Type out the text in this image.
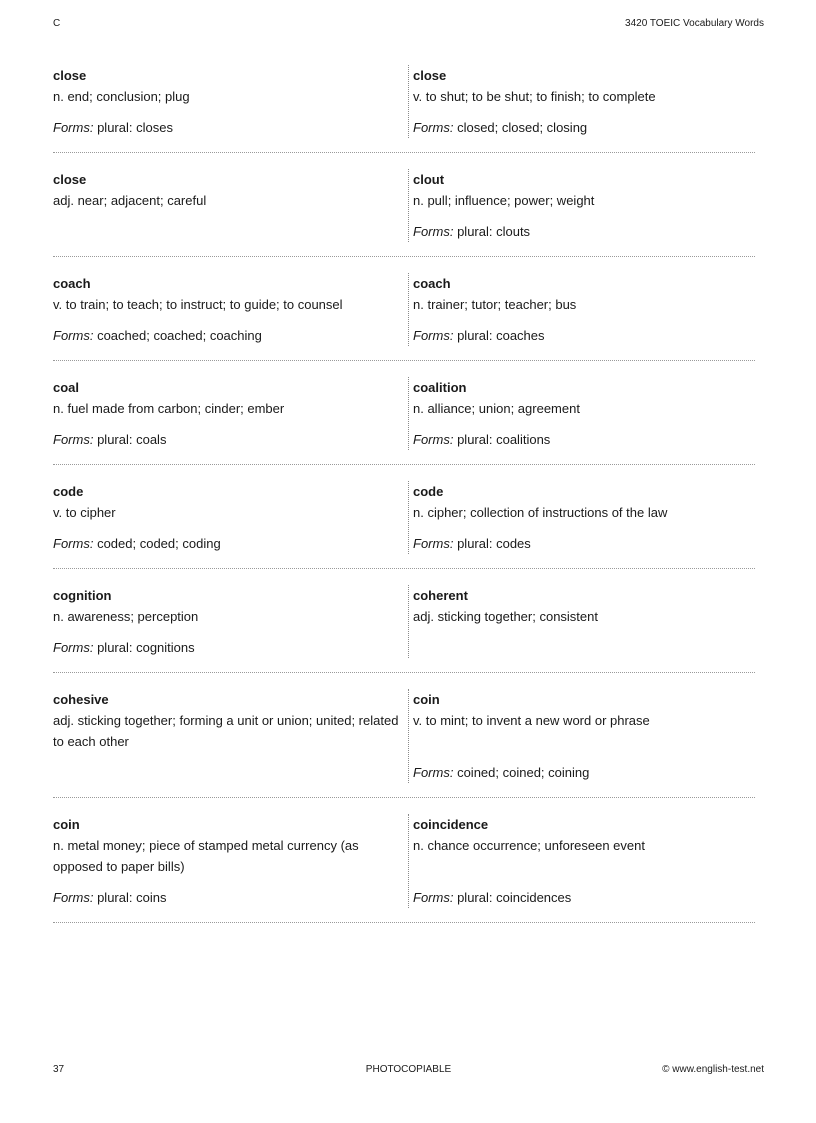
C	3420 TOEIC Vocabulary Words
close
n. end; conclusion; plug
Forms: plural: closes
close
v. to shut; to be shut; to finish; to complete
Forms: closed; closed; closing
close
adj. near; adjacent; careful
clout
n. pull; influence; power; weight
Forms: plural: clouts
coach
v. to train; to teach; to instruct; to guide; to counsel
Forms: coached; coached; coaching
coach
n. trainer; tutor; teacher; bus
Forms: plural: coaches
coal
n. fuel made from carbon; cinder; ember
Forms: plural: coals
coalition
n. alliance; union; agreement
Forms: plural: coalitions
code
v. to cipher
Forms: coded; coded; coding
code
n. cipher; collection of instructions of the law
Forms: plural: codes
cognition
n. awareness; perception
Forms: plural: cognitions
coherent
adj. sticking together; consistent
cohesive
adj. sticking together; forming a unit or union; united; related to each other
coin
v. to mint; to invent a new word or phrase
Forms: coined; coined; coining
coin
n. metal money; piece of stamped metal currency (as opposed to paper bills)
Forms: plural: coins
coincidence
n. chance occurrence; unforeseen event
Forms: plural: coincidences
37	PHOTOCOPIABLE	© www.english-test.net
